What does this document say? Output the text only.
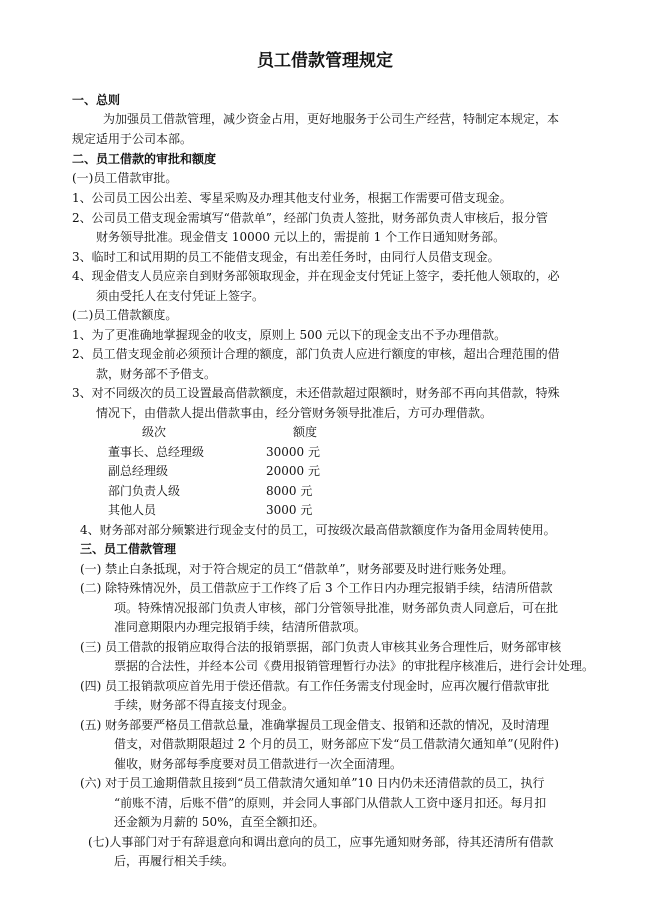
员工借款管理规定
一、总则
为加强员工借款管理，减少资金占用，更好地服务于公司生产经营，特制定本规定，本
规定适用于公司本部。
二、员工借款的审批和额度
(一)员工借款审批。
1、公司员工因公出差、零星采购及办理其他支付业务，根据工作需要可借支现金。
2、公司员工借支现金需填写“借款单”，经部门负责人签批，财务部负责人审核后，报分管
财务领导批准。现金借支 10000 元以上的，需提前 1 个工作日通知财务部。
3、临时工和试用期的员工不能借支现金，有出差任务时，由同行人员借支现金。
4、现金借支人员应亲自到财务部领取现金，并在现金支付凭证上签字，委托他人领取的，必
须由受托人在支付凭证上签字。
(二)员工借款额度。
1、为了更准确地掌握现金的收支，原则上 500 元以下的现金支出不予办理借款。
2、员工借支现金前必须预计合理的额度，部门负责人应进行额度的审核，超出合理范围的借
款，财务部不予借支。
3、对不同级次的员工设置最高借款额度，未还借款超过限额时，财务部不再向其借款，特殊
情况下，由借款人提出借款事由，经分管财务领导批准后，方可办理借款。
级次	额度
董事长、总经理级	30000 元
副总经理级	20000 元
部门负责人级	8000 元
其他人员	3000 元
4、财务部对部分频繁进行现金支付的员工，可按级次最高借款额度作为备用金周转使用。
三、员工借款管理
(一) 禁止白条抵现，对于符合规定的员工“借款单”，财务部要及时进行账务处理。
(二) 除特殊情况外，员工借款应于工作终了后 3 个工作日内办理完报销手续，结清所借款
项。特殊情况报部门负责人审核，部门分管领导批准，财务部负责人同意后，可在批
准同意期限内办理完报销手续，结清所借款项。
(三) 员工借款的报销应取得合法的报销票据，部门负责人审核其业务合理性后，财务部审核
票据的合法性，并经本公司《费用报销管理暂行办法》的审批程序核准后，进行会计处理。
(四) 员工报销款项应首先用于偿还借款。有工作任务需支付现金时，应再次履行借款审批
手续，财务部不得直接支付现金。
(五) 财务部要严格员工借款总量，准确掌握员工现金借支、报销和还款的情况，及时清理
借支，对借款期限超过 2 个月的员工，财务部应下发“员工借款清欠通知单”(见附件)
催收，财务部每季度要对员工借款进行一次全面清理。
(六) 对于员工逾期借款且接到“员工借款清欠通知单”10 日内仍未还清借款的员工，执行
“前账不清，后账不借”的原则，并会同人事部门从借款人工资中逐月扣还。每月扣
还金额为月薪的 50%，直至全额扣还。
(七)人事部门对于有辞退意向和调出意向的员工，应事先通知财务部，待其还清所有借款
后，再履行相关手续。
